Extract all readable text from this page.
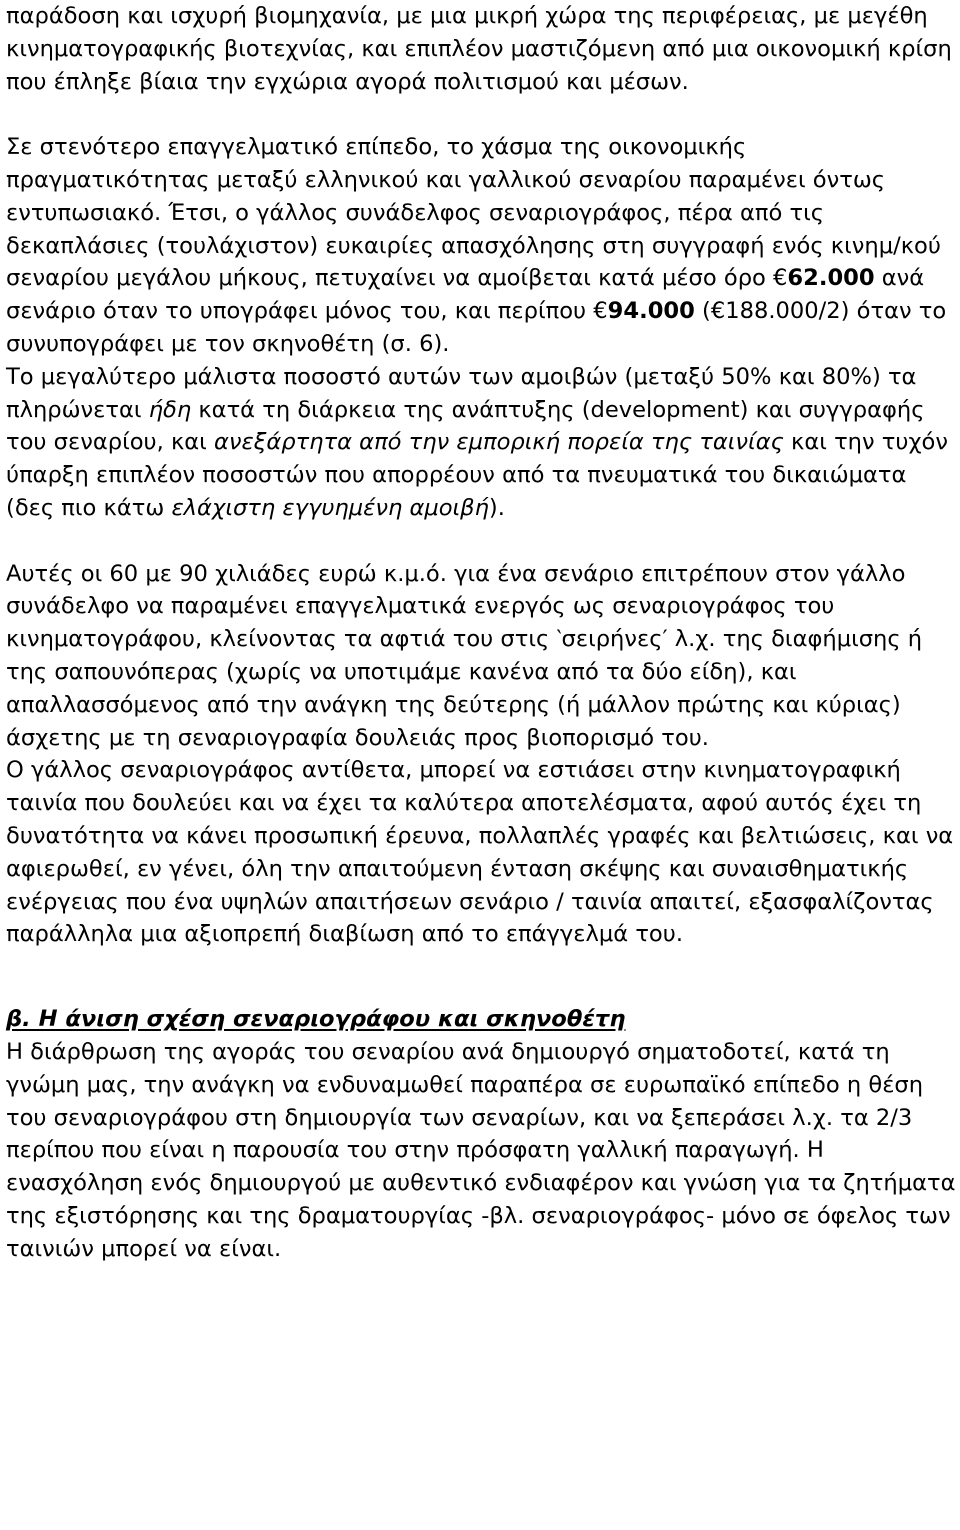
παράδοση και ισχυρή βιομηχανία, με μια μικρή χώρα της περιφέρειας, με μεγέθη κινηματογραφικής βιοτεχνίας, και επιπλέον μαστιζόμενη από μια οικονομική κρίση που έπληξε βίαια την εγχώρια αγορά πολιτισμού και μέσων.

Σε στενότερο επαγγελματικό επίπεδο, το χάσμα της οικονομικής πραγματικότητας μεταξύ ελληνικού και γαλλικού σεναρίου παραμένει όντως εντυπωσιακό. Έτσι, ο γάλλος συνάδελφος σεναριογράφος, πέρα από τις δεκαπλάσιες (τουλάχιστον) ευκαιρίες απασχόλησης στη συγγραφή ενός κινημ/κού σεναρίου μεγάλου μήκους, πετυχαίνει να αμοίβεται κατά μέσο όρο €62.000 ανά σενάριο όταν το υπογράφει μόνος του, και περίπου €94.000 (€188.000/2) όταν το συνυπογράφει με τον σκηνοθέτη (σ. 6).

Το μεγαλύτερο μάλιστα ποσοστό αυτών των αμοιβών (μεταξύ 50% και 80%) τα πληρώνεται ήδη κατά τη διάρκεια της ανάπτυξης (development) και συγγραφής του σεναρίου, και ανεξάρτητα από την εμπορική πορεία της ταινίας και την τυχόν ύπαρξη επιπλέον ποσοστών που απορρέουν από τα πνευματικά του δικαιώματα (δες πιο κάτω ελάχιστη εγγυημένη αμοιβή).

Αυτές οι 60 με 90 χιλιάδες ευρώ κ.μ.ό. για ένα σενάριο επιτρέπουν στον γάλλο συνάδελφο να παραμένει επαγγελματικά ενεργός ως σεναριογράφος του κινηματογράφου, κλείνοντας τα αφτιά του στις ‵σειρήνες′ λ.χ. της διαφήμισης ή της σαπουνόπερας (χωρίς να υποτιμάμε κανένα από τα δύο είδη), και απαλλασσόμενος από την ανάγκη της δεύτερης (ή μάλλον πρώτης και κύριας) άσχετης με τη σεναριογραφία δουλειάς προς βιοπορισμό του.

Ο γάλλος σεναριογράφος αντίθετα, μπορεί να εστιάσει στην κινηματογραφική ταινία που δουλεύει και να έχει τα καλύτερα αποτελέσματα, αφού αυτός έχει τη δυνατότητα να κάνει προσωπική έρευνα, πολλαπλές γραφές και βελτιώσεις, και να αφιερωθεί, εν γένει, όλη την απαιτούμενη ένταση σκέψης και συναισθηματικής ενέργειας που ένα υψηλών απαιτήσεων σενάριο / ταινία απαιτεί, εξασφαλίζοντας παράλληλα μια αξιοπρεπή διαβίωση από το επάγγελμά του.

β. Η άνιση σχέση σεναριογράφου και σκηνοθέτη

Η διάρθρωση της αγοράς του σεναρίου ανά δημιουργό σηματοδοτεί, κατά τη γνώμη μας, την ανάγκη να ενδυναμωθεί παραπέρα σε ευρωπαϊκό επίπεδο η θέση του σεναριογράφου στη δημιουργία των σεναρίων, και να ξεπεράσει λ.χ. τα 2/3 περίπου που είναι η παρουσία του στην πρόσφατη γαλλική παραγωγή. Η ενασχόληση ενός δημιουργού με αυθεντικό ενδιαφέρον και γνώση για τα ζητήματα της εξιστόρησης και της δραματουργίας -βλ. σεναριογράφος- μόνο σε όφελος των ταινιών μπορεί να είναι.
